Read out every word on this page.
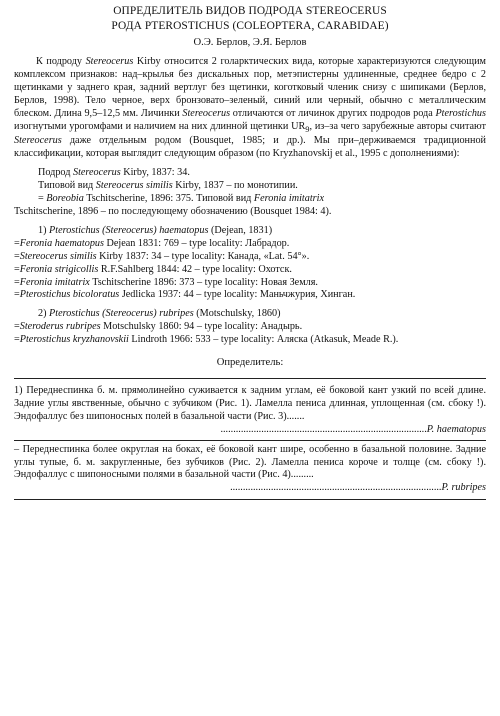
ОПРЕДЕЛИТЕЛЬ ВИДОВ ПОДРОДА STEREOCERUS
РОДА PTEROSTICHUS (COLEOPTERA, CARABIDAE)
О.Э. Берлов, Э.Я. Берлов

К подроду Stereocerus Kirby относится 2 голарктических вида, которые характеризуются следующим комплексом признаков: над–крылья без дискальных пор, метэпистерны удлиненные, среднее бедро с 2 щетинками у заднего края, задний вертлуг без щетинки, коготковый членик снизу с шипиками (Берлов, Берлов, 1998). Тело черное, верх бронзовато–зеленый, синий или черный, обычно с металлическим блеском. Длина 9,5–12,5 мм. Личинки Stereocerus отличаются от личинок других подродов рода Pterostichus изогнутыми урогомфами и наличием на них длинной щетинки $UR_9$, из–за чего зарубежные авторы считают Stereocerus даже отдельным родом (Bousquet, 1985; и др.). Мы при–держиваемся традиционной классификации, которая выглядит следующим образом (по Kryzhanovskij et al., 1995 с дополнениями):

Подрод Stereocerus Kirby, 1837: 34.

Типовой вид Stereocerus similis Kirby, 1837 – по монотипии.

= Boreobia Tschitscherine, 1896: 375. Типовой вид Feronia imitatrix

Tschitscherine, 1896 – по последующему обозначению (Bousquet 1984: 4).

1) Pterostichus (Stereocerus) haematopus (Dejean, 1831)

=Feronia haematopus Dejean 1831: 769 – type locality: Лабрадор.

=Stereocerus similis Kirby 1837: 34 – type locality: Канада, «Lat. 54°».

=Feronia strigicollis R.F.Sahlberg 1844: 42 – type locality: Охотск.

=Feronia imitatrix Tschitscherine 1896: 373 – type locality: Новая Земля.

=Pterostichus bicoloratus Jedlicka 1937: 44 – type locality: Маньчжурия, Хинган.

2) Pterostichus (Stereocerus) rubripes (Motschulsky, 1860)

=Steroderus rubripes Motschulsky 1860: 94 – type locality: Анадырь.

=Pterostichus kryzhanovskii Lindroth 1966: 533 – type locality: Аляска (Atkasuk, Meade R.).

Определитель:

1) Переднеспинка б. м. прямолинейно суживается к задним углам, её боковой кант узкий по всей длине. Задние углы явственные, обычно с зубчиком (Рис. 1). Ламелла пениса длинная, уплощенная (см. сбоку !). Эндофаллус без шипоносных полей в базальной части (Рис. 3).......

.................................................................................P. haematopus

– Переднеспинка более округлая на боках, её боковой кант шире, особенно в базальной половине. Задние углы тупые, б. м. закругленные, без зубчиков (Рис. 2). Ламелла пениса короче и толще (см. сбоку !). Эндофаллус с шипоносными полями в базальной части (Рис. 4).........

...................................................................................P. rubripes
